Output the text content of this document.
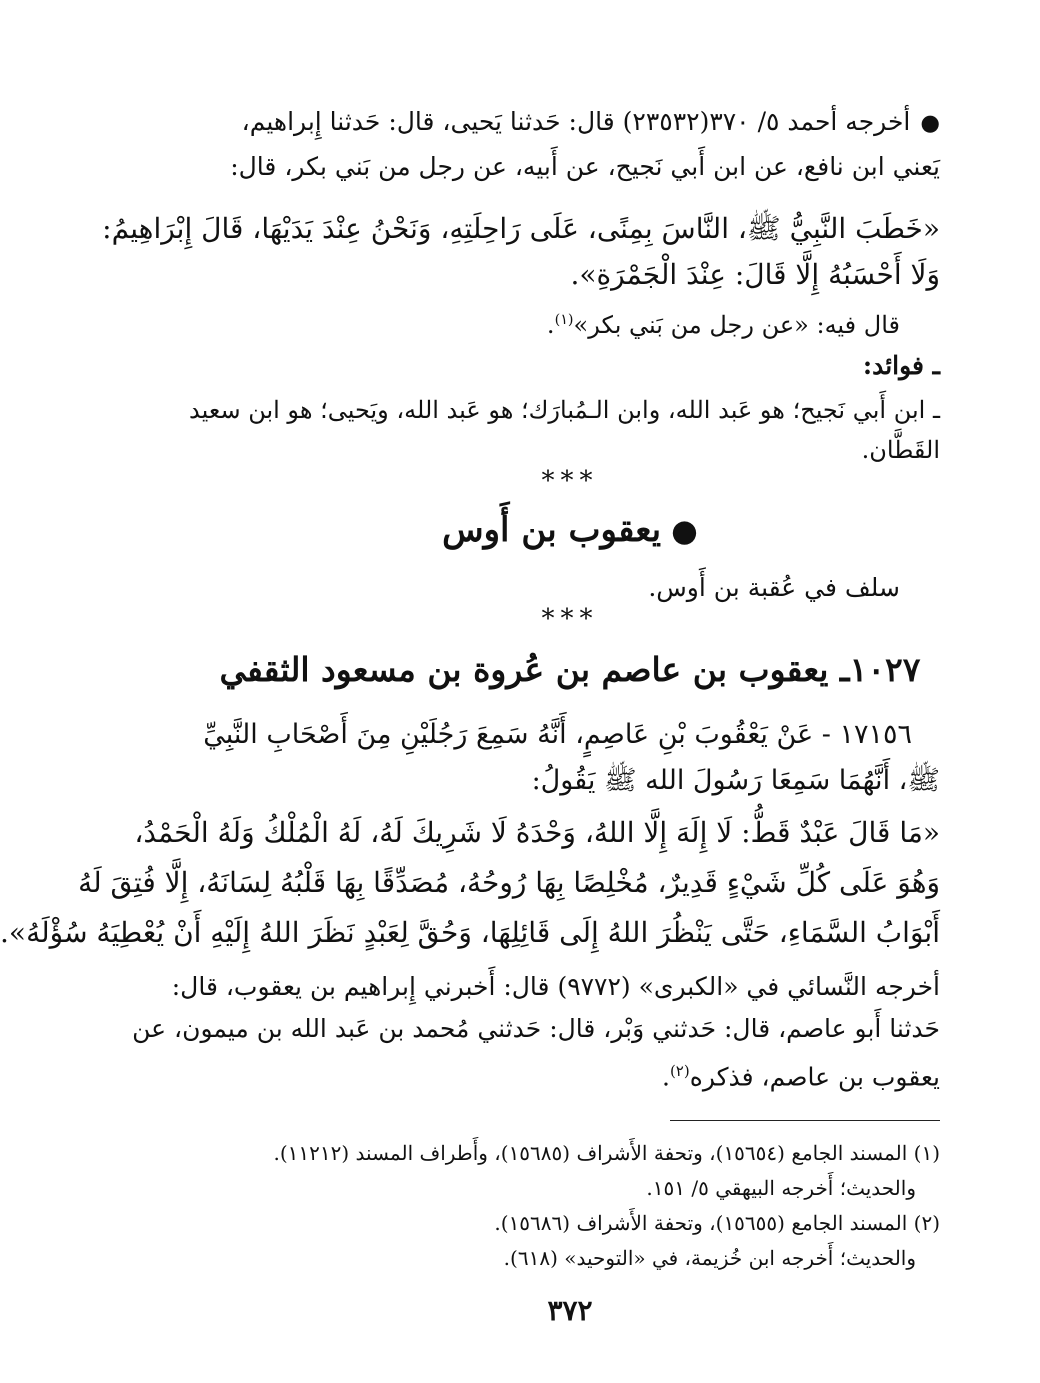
●أخرجه أحمد ٥/ ٣٧٠(٢٣٥٣٢) قال: حَدثنا يَحيى، قال: حَدثنا إِبراهيم،
يَعني ابن نافع، عن ابن أَبي نَجيح، عن أَبيه، عن رجل من بَني بكر، قال:
«خَطَبَ النَّبِيُّ ﷺ، النَّاسَ بِمِنًى، عَلَى رَاحِلَتِهِ، وَنَحْنُ عِنْدَ يَدَيْهَا، قَالَ إِبْرَاهِيمُ:
وَلَا أَحْسَبُهُ إِلَّا قَالَ: عِنْدَ الْجَمْرَةِ».
قال فيه: «عن رجل من بَني بكر»$^{(١)}$.
ـ فوائد:
ـ ابن أَبي نَجيح؛ هو عَبد الله، وابن الـمُبارَك؛ هو عَبد الله، ويَحيى؛ هو ابن سعيد
القَطَّان.
***
●يعقوب بن أَوس
سلف في عُقبة بن أَوس.
***
١٠٢٧ـ يعقوب بن عاصم بن عُروة بن مسعود الثقفي
١٧١٥٦ - عَنْ يَعْقُوبَ بْنِ عَاصِمٍ، أَنَّهُ سَمِعَ رَجُلَيْنِ مِنَ أَصْحَابِ النَّبِيِّ
ﷺ، أَنَّهُمَا سَمِعَا رَسُولَ الله ﷺ يَقُولُ:
«مَا قَالَ عَبْدٌ قَطُّ: لَا إِلَهَ إِلَّا اللهُ، وَحْدَهُ لَا شَرِيكَ لَهُ، لَهُ الْمُلْكُ وَلَهُ الْحَمْدُ،
وَهُوَ عَلَى كُلِّ شَيْءٍ قَدِيرٌ، مُخْلِصًا بِهَا رُوحُهُ، مُصَدِّقًا بِهَا قَلْبُهُ لِسَانَهُ، إِلَّا فُتِقَ لَهُ
أَبْوَابُ السَّمَاءِ، حَتَّى يَنْظُرَ اللهُ إِلَى قَائِلِهَا، وَحُقَّ لِعَبْدٍ نَظَرَ اللهُ إِلَيْهِ أَنْ يُعْطِيَهُ سُؤْلَهُ».
أخرجه النَّسائي في «الكبرى» (٩٧٧٢) قال: أَخبرني إِبراهيم بن يعقوب، قال:
حَدثنا أَبو عاصم، قال: حَدثني وَبْر، قال: حَدثني مُحمد بن عَبد الله بن ميمون، عن
يعقوب بن عاصم، فذكره$^{(٢)}$.
(١) المسند الجامع (١٥٦٥٤)، وتحفة الأَشراف (١٥٦٨٥)، وأَطراف المسند (١١٢١٢).
والحديث؛ أَخرجه البيهقي ٥/ ١٥١.
(٢) المسند الجامع (١٥٦٥٥)، وتحفة الأَشراف (١٥٦٨٦).
والحديث؛ أَخرجه ابن خُزيمة، في «التوحيد» (٦١٨).
٣٧٢
